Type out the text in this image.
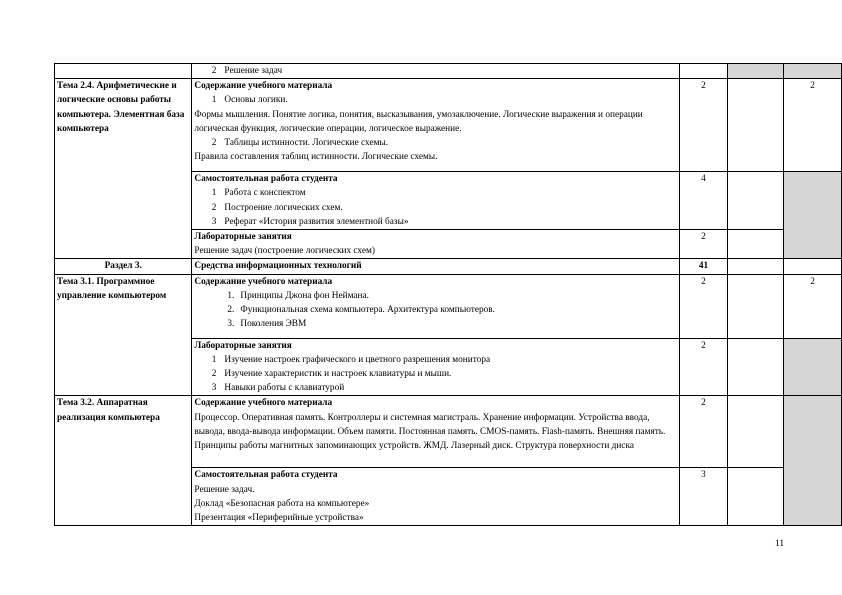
	2 Решение задач			

Тема 2.4. Арифметические и логические основы работы компьютера. Элементная база компьютера	Содержание учебного материала
1 Основы логики.
Формы мышления. Понятие логика, понятия, высказывания, умозаключение. Логические выражения и операции логическая функция, логические операции, логическое выражение.
2 Таблицы истинности. Логические схемы.
Правила составления таблиц истинности. Логические схемы.	2		2

	Самостоятельная работа студента
1 Работа с конспектом
2 Построение логических схем.
3 Реферат «История развития элементной базы»	4		

	Лабораторные занятия
Решение задач (построение логических схем)	2		
Раздел 3.	Средства информационных технологий	41		
Тема 3.1. Программное управление компьютером	Содержание учебного материала
1. Принципы Джона фон Неймана.
2. Функциональная схема компьютера. Архитектура компьютеров.
3. Поколения ЭВМ	2		2

	Лабораторные занятия
1 Изучение настроек графического и цветного разрешения монитора
2 Изучение характеристик и настроек клавиатуры и мыши.
3 Навыки работы с клавиатурой	2		
Тема 3.2. Аппаратная реализация компьютера	Содержание учебного материала
Процессор. Оперативная память. Контроллеры и системная магистраль. Хранение информации. Устройства ввода, вывода, ввода-вывода информации. Объем памяти. Постоянная память. CMOS-память. Flash-память. Внешняя память. Принципы работы магнитных запоминающих устройств. ЖМД. Лазерный диск. Структура поверхности диска	2		

	Самостоятельная работа студента
Решение задач.
Доклад «Безопасная работа на компьютере»
Презентация «Периферийные устройства»	3		
11
